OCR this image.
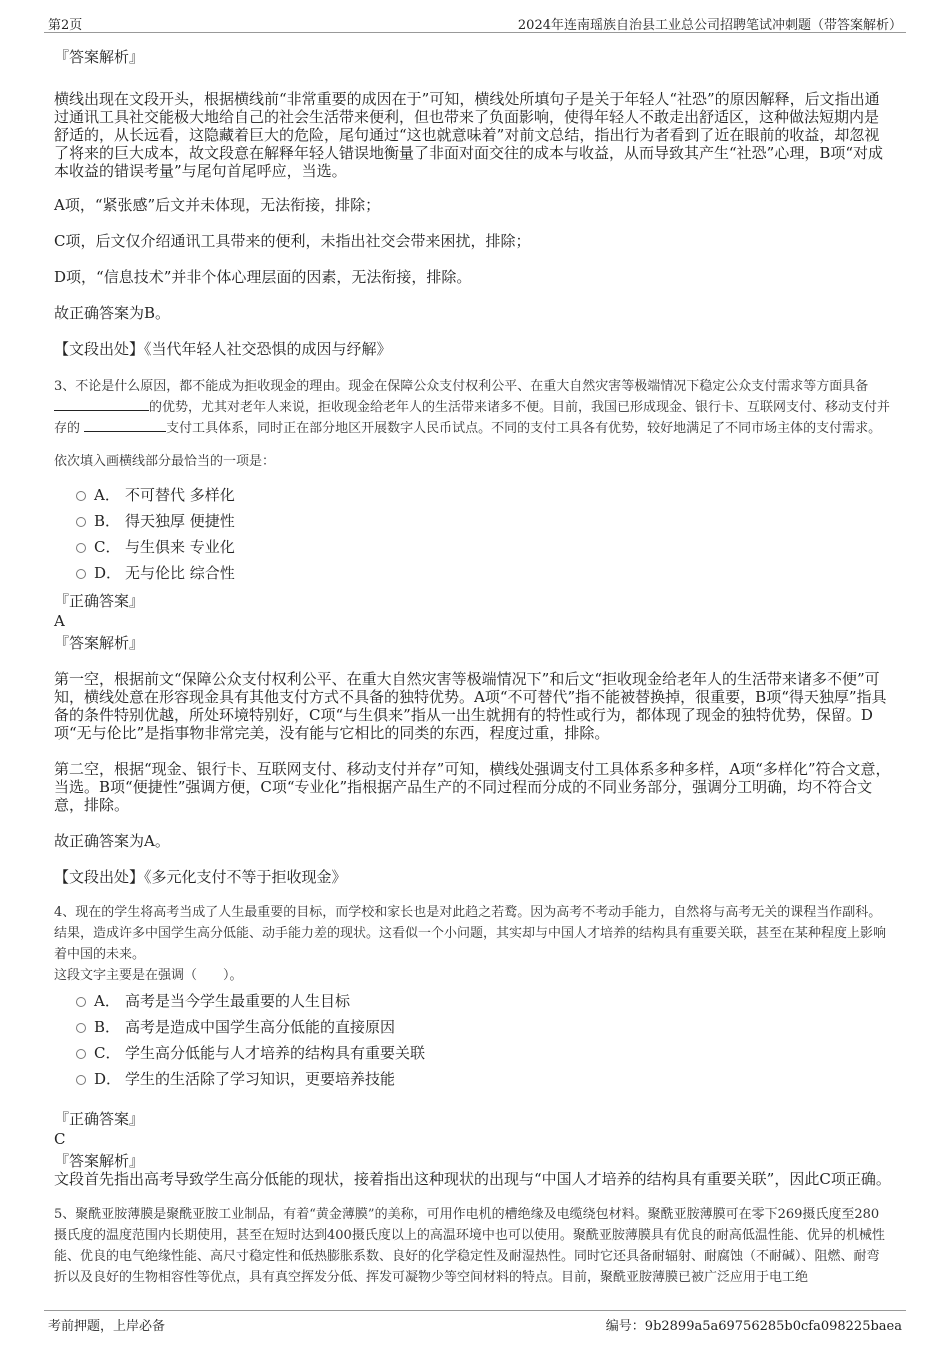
第2页	2024年连南瑶族自治县工业总公司招聘笔试冲刺题（带答案解析）

『答案解析』

横线出现在文段开头，根据横线前“非常重要的成因在于”可知，横线处所填句子是关于年轻人“社恐”的原因解释，后文指出通过通讯工具社交能极大地给自己的社会生活带来便利，但也带来了负面影响，使得年轻人不敢走出舒适区，这种做法短期内是舒适的，从长远看，这隐藏着巨大的危险，尾句通过“这也就意味着”对前文总结，指出行为者看到了近在眼前的收益，却忽视了将来的巨大成本，故文段意在解释年轻人错误地衡量了非面对面交往的成本与收益，从而导致其产生“社恐”心理，B项“对成本收益的错误考量”与尾句首尾呼应，当选。

A项，“紧张感”后文并未体现，无法衔接，排除；

C项，后文仅介绍通讯工具带来的便利，未指出社交会带来困扰，排除；

D项，“信息技术”并非个体心理层面的因素，无法衔接，排除。

故正确答案为B。

【文段出处】《当代年轻人社交恐惧的成因与纾解》

3、不论是什么原因，都不能成为拒收现金的理由。现金在保障公众支付权利公平、在重大自然灾害等极端情况下稳定公众支付需求等方面具备的优势，尤其对老年人来说，拒收现金给老年人的生活带来诸多不便。目前，我国已形成现金、银行卡、互联网支付、移动支付并存的	支付工具体系，同时正在部分地区开展数字人民币试点。不同的支付工具各有优势，较好地满足了不同市场主体的支付需求。

依次填入画横线部分最恰当的一项是：

A． 不可替代 多样化
B． 得天独厚 便捷性
C． 与生俱来 专业化
D． 无与伦比 综合性

『正确答案』

A

『答案解析』

第一空，根据前文“保障公众支付权利公平、在重大自然灾害等极端情况下”和后文“拒收现金给老年人的生活带来诸多不便”可知，横线处意在形容现金具有其他支付方式不具备的独特优势。A项“不可替代”指不能被替换掉，很重要，B项“得天独厚”指具备的条件特别优越，所处环境特别好，C项“与生俱来”指从一出生就拥有的特性或行为，都体现了现金的独特优势，保留。D项“无与伦比”是指事物非常完美，没有能与它相比的同类的东西，程度过重，排除。

第二空，根据“现金、银行卡、互联网支付、移动支付并存”可知，横线处强调支付工具体系多种多样，A项“多样化”符合文意，当选。B项“便捷性”强调方便，C项“专业化”指根据产品生产的不同过程而分成的不同业务部分，强调分工明确，均不符合文意，排除。

故正确答案为A。

【文段出处】《多元化支付不等于拒收现金》

4、现在的学生将高考当成了人生最重要的目标，而学校和家长也是对此趋之若鹜。因为高考不考动手能力，自然将与高考无关的课程当作副科。结果，造成许多中国学生高分低能、动手能力差的现状。这看似一个小问题，其实却与中国人才培养的结构具有重要关联，甚至在某种程度上影响着中国的未来。

这段文字主要是在强调（　　）。

A． 高考是当今学生最重要的人生目标
B． 高考是造成中国学生高分低能的直接原因
C． 学生高分低能与人才培养的结构具有重要关联
D． 学生的生活除了学习知识，更要培养技能

『正确答案』

C

『答案解析』

文段首先指出高考导致学生高分低能的现状，接着指出这种现状的出现与“中国人才培养的结构具有重要关联”，因此C项正确。

5、聚酰亚胺薄膜是聚酰亚胺工业制品，有着“黄金薄膜”的美称，可用作电机的槽绝缘及电缆绕包材料。聚酰亚胺薄膜可在零下269摄氏度至280摄氏度的温度范围内长期使用，甚至在短时达到400摄氏度以上的高温环境中也可以使用。聚酰亚胺薄膜具有优良的耐高低温性能、优异的机械性能、优良的电气绝缘性能、高尺寸稳定性和低热膨胀系数、良好的化学稳定性及耐湿热性。同时它还具备耐辐射、耐腐蚀（不耐碱）、阻燃、耐弯折以及良好的生物相容性等优点，具有真空挥发分低、挥发可凝物少等空间材料的特点。目前，聚酰亚胺薄膜已被广泛应用于电工绝

考前押题，上岸必备	编号：9b2899a5a69756285b0cfa098225baea
